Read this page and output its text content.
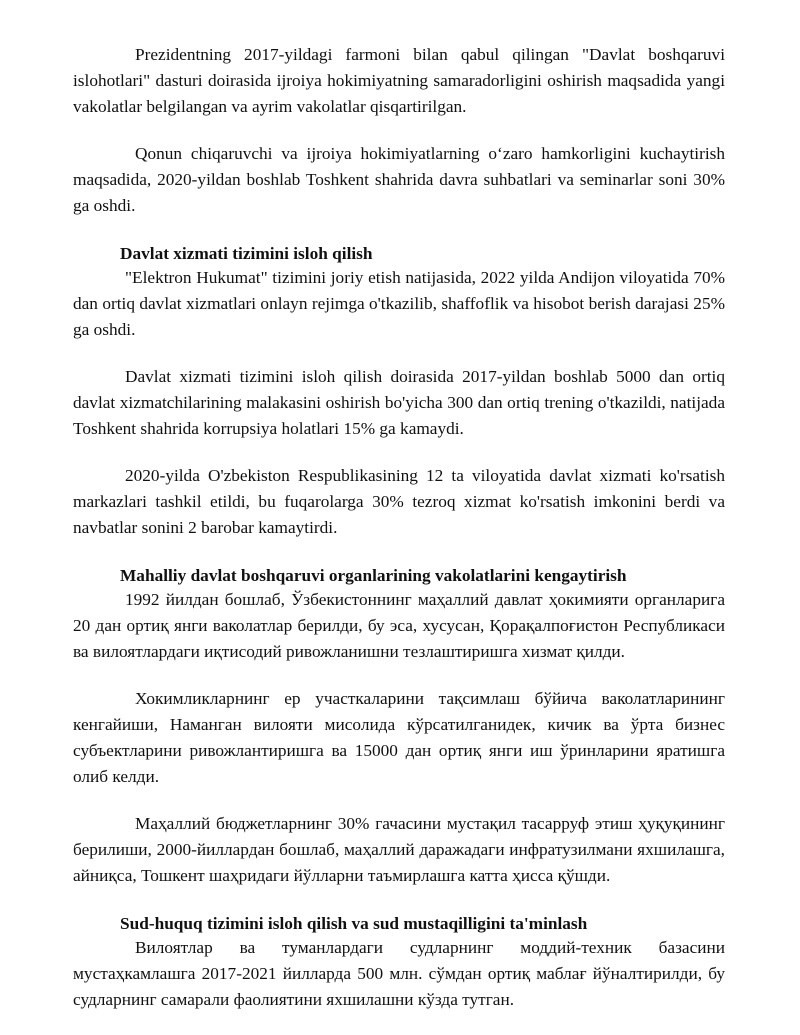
Prezidentning 2017-yildagi farmoni bilan qabul qilingan "Davlat boshqaruvi islohotlari" dasturi doirasida ijroiya hokimiyatning samaradorligini oshirish maqsadida yangi vakolatlar belgilangan va ayrim vakolatlar qisqartirilgan.

Qonun chiqaruvchi va ijroiya hokimiyatlarning o‘zaro hamkorligini kuchaytirish maqsadida, 2020-yildan boshlab Toshkent shahrida davra suhbatlari va seminarlar soni 30% ga oshdi.

Davlat xizmati tizimini isloh qilish

"Elektron Hukumat" tizimini joriy etish natijasida, 2022 yilda Andijon viloyatida 70% dan ortiq davlat xizmatlari onlayn rejimga o'tkazilib, shaffoflik va hisobot berish darajasi 25% ga oshdi.

Davlat xizmati tizimini isloh qilish doirasida 2017-yildan boshlab 5000 dan ortiq davlat xizmatchilarining malakasini oshirish bo'yicha 300 dan ortiq trening o'tkazildi, natijada Toshkent shahrida korrupsiya holatlari 15% ga kamaydi.

2020-yilda O'zbekiston Respublikasining 12 ta viloyatida davlat xizmati ko'rsatish markazlari tashkil etildi, bu fuqarolarga 30% tezroq xizmat ko'rsatish imkonini berdi va navbatlar sonini 2 barobar kamaytirdi.

Mahalliy davlat boshqaruvi organlarining vakolatlarini kengaytirish

1992 йилдан бошлаб, Ўзбекистоннинг маҳаллий давлат ҳокимияти органларига 20 дан ортиқ янги ваколатлар берилди, бу эса, хусусан, Қорақалпоғистон Республикаси ва вилоятлардаги иқтисодий ривожланишни тезлаштиришга хизмат қилди.

Хокимликларнинг ер участкаларини тақсимлаш бўйича ваколатларининг кенгайиши, Наманган вилояти мисолида кўрсатилганидек, кичик ва ўрта бизнес субъектларини ривожлантиришга ва 15000 дан ортиқ янги иш ўринларини яратишга олиб келди.

Маҳаллий бюджетларнинг 30% гачасини мустақил тасарруф этиш ҳуқуқининг берилиши, 2000-йиллардан бошлаб, маҳаллий даражадаги инфратузилмани яхшилашга, айниқса, Тошкент шаҳридаги йўлларни таъмирлашга катта ҳисса қўшди.

Sud-huquq tizimini isloh qilish va sud mustaqilligini ta'minlash

Вилоятлар ва туманлардаги судларнинг моддий-техник базасини мустаҳкамлашга 2017-2021 йилларда 500 млн. сўмдан ортиқ маблағ йўналтирилди, бу судларнинг самарали фаолиятини яхшилашни кўзда тутган.
